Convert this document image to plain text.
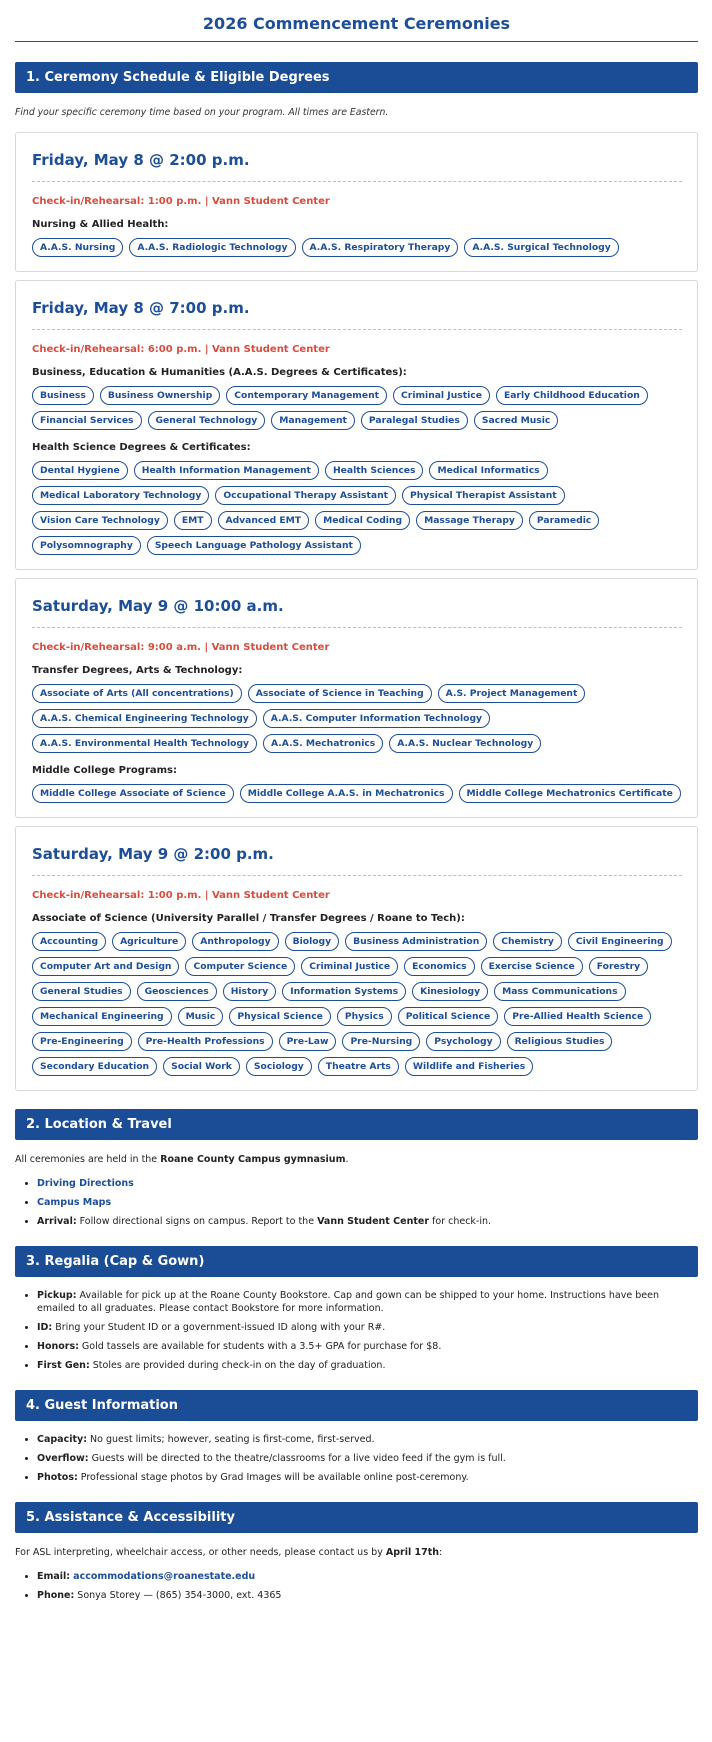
2026 Commencement Ceremonies
1. Ceremony Schedule & Eligible Degrees
Find your specific ceremony time based on your program. All times are Eastern.
Friday, May 8 @ 2:00 p.m.
Check-in/Rehearsal: 1:00 p.m. | Vann Student Center
Nursing & Allied Health:
A.A.S. Nursing	A.A.S. Radiologic Technology	A.A.S. Respiratory Therapy	A.A.S. Surgical Technology
Friday, May 8 @ 7:00 p.m.
Check-in/Rehearsal: 6:00 p.m. | Vann Student Center
Business, Education & Humanities (A.A.S. Degrees & Certificates):
Business	Business Ownership	Contemporary Management	Criminal Justice	Early Childhood Education
Financial Services	General Technology	Management	Paralegal Studies	Sacred Music
Health Science Degrees & Certificates:
Dental Hygiene	Health Information Management	Health Sciences	Medical Informatics
Medical Laboratory Technology	Occupational Therapy Assistant	Physical Therapist Assistant
Vision Care Technology	EMT	Advanced EMT	Medical Coding	Massage Therapy	Paramedic
Polysomnography	Speech Language Pathology Assistant
Saturday, May 9 @ 10:00 a.m.
Check-in/Rehearsal: 9:00 a.m. | Vann Student Center
Transfer Degrees, Arts & Technology:
Associate of Arts (All concentrations)	Associate of Science in Teaching	A.S. Project Management
A.A.S. Chemical Engineering Technology	A.A.S. Computer Information Technology
A.A.S. Environmental Health Technology	A.A.S. Mechatronics	A.A.S. Nuclear Technology
Middle College Programs:
Middle College Associate of Science	Middle College A.A.S. in Mechatronics	Middle College Mechatronics Certificate
Saturday, May 9 @ 2:00 p.m.
Check-in/Rehearsal: 1:00 p.m. | Vann Student Center
Associate of Science (University Parallel / Transfer Degrees / Roane to Tech):
Accounting	Agriculture	Anthropology	Biology	Business Administration	Chemistry	Civil Engineering
Computer Art and Design	Computer Science	Criminal Justice	Economics	Exercise Science	Forestry
General Studies	Geosciences	History	Information Systems	Kinesiology	Mass Communications
Mechanical Engineering	Music	Physical Science	Physics	Political Science	Pre-Allied Health Science
Pre-Engineering	Pre-Health Professions	Pre-Law	Pre-Nursing	Psychology	Religious Studies
Secondary Education	Social Work	Sociology	Theatre Arts	Wildlife and Fisheries
2. Location & Travel

All ceremonies are held in the Roane County Campus gymnasium.

• Driving Directions
• Campus Maps
• Arrival: Follow directional signs on campus. Report to the Vann Student Center for check-in.
3. Regalia (Cap & Gown)
• Pickup: Available for pick up at the Roane County Bookstore. Cap and gown can be shipped to your home. Instructions have been emailed to all graduates. Please contact Bookstore for more information.
• ID: Bring your Student ID or a government-issued ID along with your R#.
• Honors: Gold tassels are available for students with a 3.5+ GPA for purchase for $8.
• First Gen: Stoles are provided during check-in on the day of graduation.
4. Guest Information
• Capacity: No guest limits; however, seating is first-come, first-served.
• Overflow: Guests will be directed to the theatre/classrooms for a live video feed if the gym is full.
• Photos: Professional stage photos by Grad Images will be available online post-ceremony.
5. Assistance & Accessibility

For ASL interpreting, wheelchair access, or other needs, please contact us by April 17th:

• Email: accommodations@roanestate.edu
• Phone: Sonya Storey — (865) 354-3000, ext. 4365
